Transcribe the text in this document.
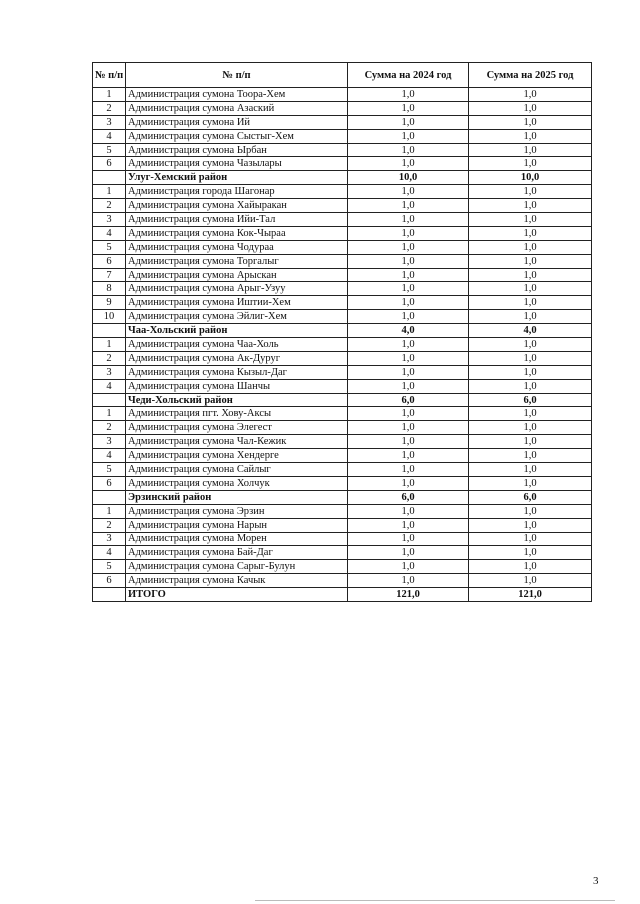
№ п/п	№ п/п	Сумма на 2024 год	Сумма на 2025 год
1	Администрация сумона Тоора-Хем	1,0	1,0
2	Администрация сумона Азаский	1,0	1,0
3	Администрация сумона Ий	1,0	1,0
4	Администрация сумона Сыстыг-Хем	1,0	1,0
5	Администрация сумона Ырбан	1,0	1,0
6	Администрация сумона Чазылары	1,0	1,0
	Улуг-Хемский район	10,0	10,0
1	Администрация города Шагонар	1,0	1,0
2	Администрация сумона Хайыракан	1,0	1,0
3	Администрация сумона Ийи-Тал	1,0	1,0
4	Администрация сумона Кок-Чыраа	1,0	1,0
5	Администрация сумона Чодураа	1,0	1,0
6	Администрация сумона Торгалыг	1,0	1,0
7	Администрация сумона Арыскан	1,0	1,0
8	Администрация сумона Арыг-Узуу	1,0	1,0
9	Администрация сумона Иштии-Хем	1,0	1,0
10	Администрация сумона Эйлиг-Хем	1,0	1,0
	Чаа-Хольский район	4,0	4,0
1	Администрация сумона Чаа-Холь	1,0	1,0
2	Администрация сумона Ак-Дуруг	1,0	1,0
3	Администрация сумона Кызыл-Даг	1,0	1,0
4	Администрация сумона Шанчы	1,0	1,0
	Чеди-Хольский район	6,0	6,0
1	Администрация пгт. Хову-Аксы	1,0	1,0
2	Администрация сумона Элегест	1,0	1,0
3	Администрация сумона Чал-Кежик	1,0	1,0
4	Администрация сумона Хендерге	1,0	1,0
5	Администрация сумона Сайлыг	1,0	1,0
6	Администрация сумона Холчук	1,0	1,0
	Эрзинский район	6,0	6,0
1	Администрация сумона Эрзин	1,0	1,0
2	Администрация сумона Нарын	1,0	1,0
3	Администрация сумона Морен	1,0	1,0
4	Администрация сумона Бай-Даг	1,0	1,0
5	Администрация сумона Сарыг-Булун	1,0	1,0
6	Администрация сумона Качык	1,0	1,0
	ИТОГО	121,0	121,0
3
